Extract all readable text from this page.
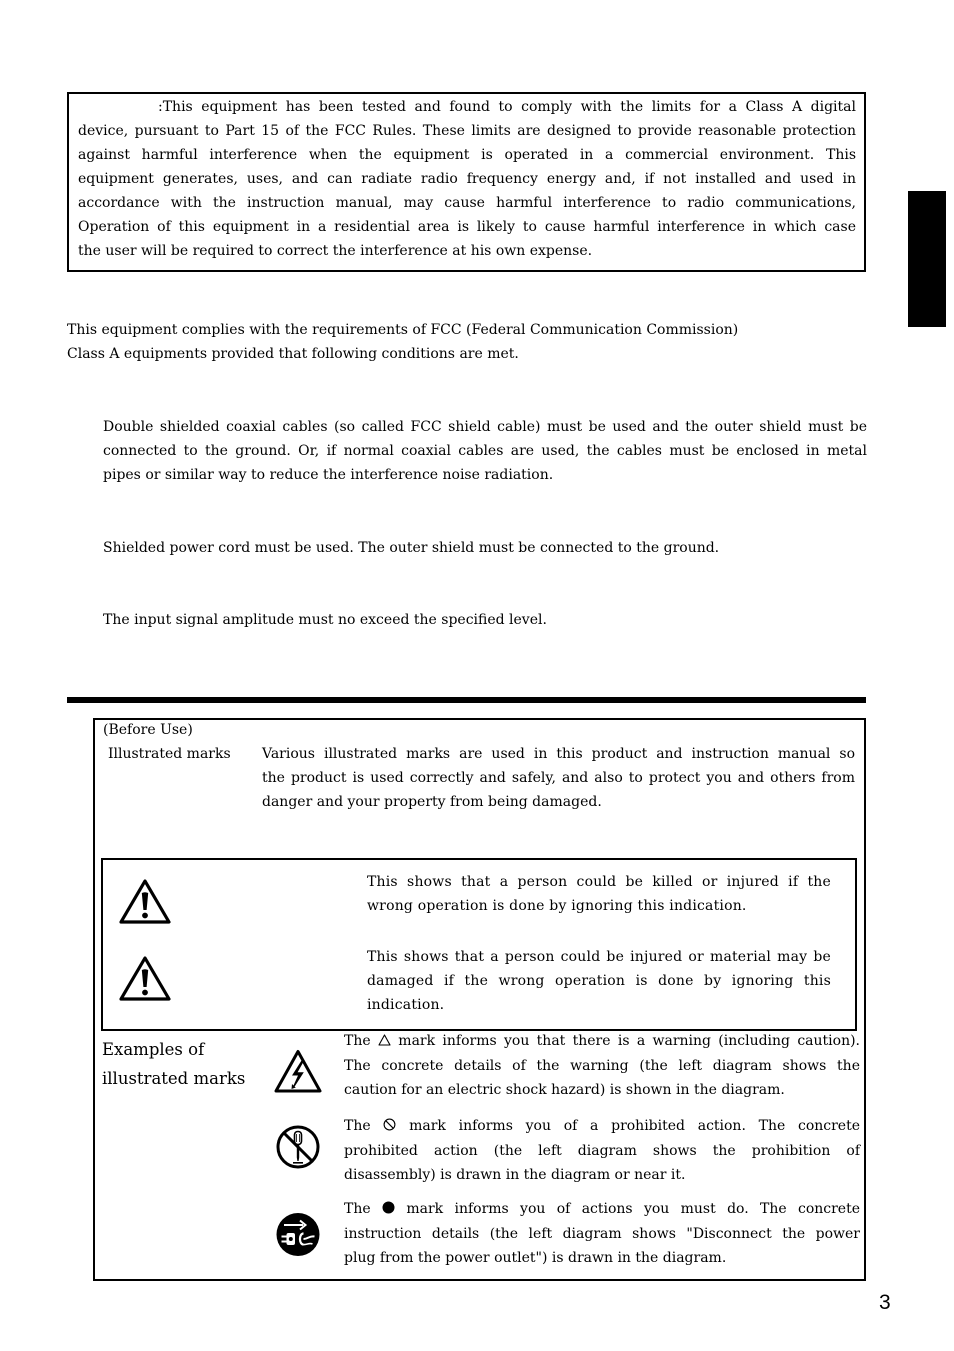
:This equipment has been tested and found to comply with the limits for a Class A digital
device, pursuant to Part 15 of the FCC Rules. These limits are designed to provide reasonable protection
against harmful interference when the equipment is operated in a commercial environment. This
equipment generates, uses, and can radiate radio frequency energy and, if not installed and used in
accordance with the instruction manual, may cause harmful interference to radio communications,
Operation of this equipment in a residential area is likely to cause harmful interference in which case
the user will be required to correct the interference at his own expense.
This equipment complies with the requirements of FCC (Federal Communication Commission)
Class A equipments provided that following conditions are met.
Double shielded coaxial cables (so called FCC shield cable) must be used and the outer shield must be
connected to the ground. Or, if normal coaxial cables are used, the cables must be enclosed in metal
pipes or similar way to reduce the interference noise radiation.
Shielded power cord must be used. The outer shield must be connected to the ground.
The input signal amplitude must no exceed the specified level.
(Before Use)
Illustrated marks Various illustrated marks are used in this product and instruction manual so
the product is used correctly and safely, and also to protect you and others from
danger and your property from being damaged.
This shows that a person could be killed or injured if the
wrong operation is done by ignoring this indication.
This shows that a person could be injured or material may be
damaged if the wrong operation is done by ignoring this
indication.
Examples of
illustrated marks
The mark informs you that there is a warning (including caution).
The concrete details of the warning (the left diagram shows the
caution for an electric shock hazard) is shown in the diagram.
The	mark informs you of a prohibited action. The concrete
prohibited action (the left diagram shows the prohibition of
disassembly) is drawn in the diagram or near it.
The	mark informs you of actions you must do. The concrete
instruction details (the left diagram shows "Disconnect the power
plug from the power outlet") is drawn in the diagram.
3
